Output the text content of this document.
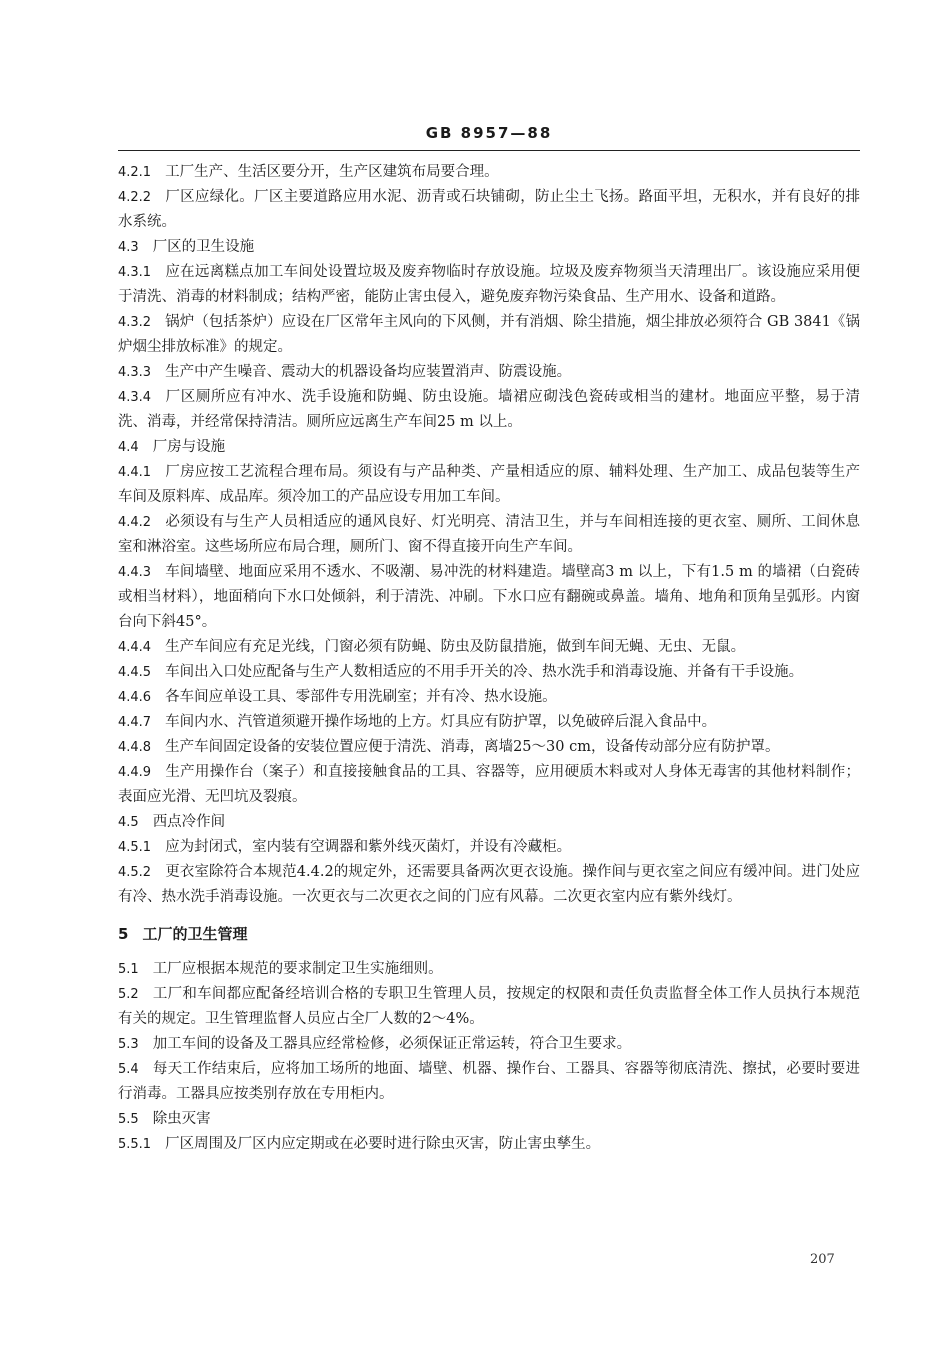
GB 8957—88
4.2.1 工厂生产、生活区要分开，生产区建筑布局要合理。
4.2.2 厂区应绿化。厂区主要道路应用水泥、沥青或石块铺砌，防止尘土飞扬。路面平坦，无积水，并有良好的排水系统。
4.3 厂区的卫生设施
4.3.1 应在远离糕点加工车间处设置垃圾及废弃物临时存放设施。垃圾及废弃物须当天清理出厂。该设施应采用便于清洗、消毒的材料制成；结构严密，能防止害虫侵入，避免废弃物污染食品、生产用水、设备和道路。
4.3.2 锅炉（包括茶炉）应设在厂区常年主风向的下风侧，并有消烟、除尘措施，烟尘排放必须符合 GB 3841《锅炉烟尘排放标准》的规定。
4.3.3 生产中产生噪音、震动大的机器设备均应装置消声、防震设施。
4.3.4 厂区厕所应有冲水、洗手设施和防蝇、防虫设施。墙裙应砌浅色瓷砖或相当的建材。地面应平整，易于清洗、消毒，并经常保持清洁。厕所应远离生产车间25 m 以上。
4.4 厂房与设施
4.4.1 厂房应按工艺流程合理布局。须设有与产品种类、产量相适应的原、辅料处理、生产加工、成品包装等生产车间及原料库、成品库。须冷加工的产品应设专用加工车间。
4.4.2 必须设有与生产人员相适应的通风良好、灯光明亮、清洁卫生，并与车间相连接的更衣室、厕所、工间休息室和淋浴室。这些场所应布局合理，厕所门、窗不得直接开向生产车间。
4.4.3 车间墙壁、地面应采用不透水、不吸潮、易冲洗的材料建造。墙壁高3 m 以上，下有1.5 m 的墙裙（白瓷砖或相当材料），地面稍向下水口处倾斜，利于清洗、冲刷。下水口应有翻碗或鼻盖。墙角、地角和顶角呈弧形。内窗台向下斜45°。
4.4.4 生产车间应有充足光线，门窗必须有防蝇、防虫及防鼠措施，做到车间无蝇、无虫、无鼠。
4.4.5 车间出入口处应配备与生产人数相适应的不用手开关的冷、热水洗手和消毒设施、并备有干手设施。
4.4.6 各车间应单设工具、零部件专用洗刷室；并有冷、热水设施。
4.4.7 车间内水、汽管道须避开操作场地的上方。灯具应有防护罩，以免破碎后混入食品中。
4.4.8 生产车间固定设备的安装位置应便于清洗、消毒，离墙25～30 cm，设备传动部分应有防护罩。
4.4.9 生产用操作台（案子）和直接接触食品的工具、容器等，应用硬质木料或对人身体无毒害的其他材料制作；表面应光滑、无凹坑及裂痕。
4.5 西点冷作间
4.5.1 应为封闭式，室内装有空调器和紫外线灭菌灯，并设有冷藏柜。
4.5.2 更衣室除符合本规范4.4.2的规定外，还需要具备两次更衣设施。操作间与更衣室之间应有缓冲间。进门处应有冷、热水洗手消毒设施。一次更衣与二次更衣之间的门应有风幕。二次更衣室内应有紫外线灯。
5 工厂的卫生管理
5.1 工厂应根据本规范的要求制定卫生实施细则。
5.2 工厂和车间都应配备经培训合格的专职卫生管理人员，按规定的权限和责任负责监督全体工作人员执行本规范有关的规定。卫生管理监督人员应占全厂人数的2～4%。
5.3 加工车间的设备及工器具应经常检修，必须保证正常运转，符合卫生要求。
5.4 每天工作结束后，应将加工场所的地面、墙壁、机器、操作台、工器具、容器等彻底清洗、擦拭，必要时要进行消毒。工器具应按类别存放在专用柜内。
5.5 除虫灭害
5.5.1 厂区周围及厂区内应定期或在必要时进行除虫灭害，防止害虫孳生。
207
